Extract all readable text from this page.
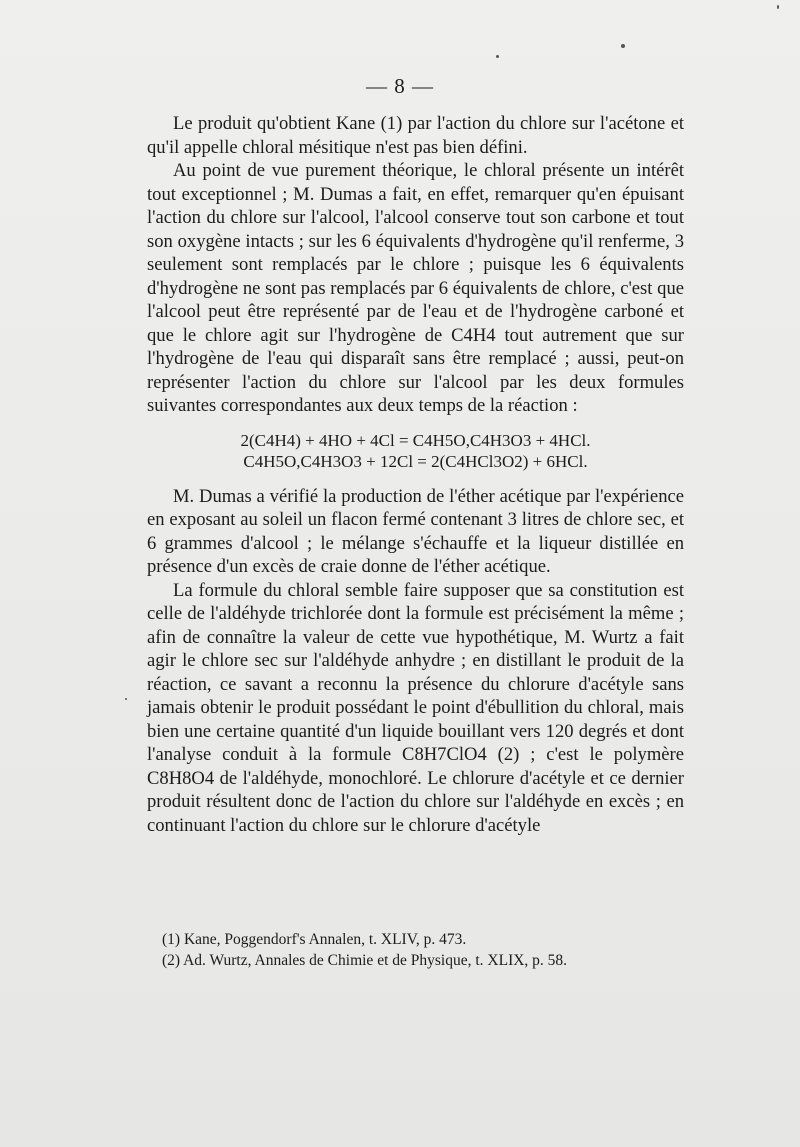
— 8 —

Le produit qu'obtient Kane (1) par l'action du chlore sur l'acétone et qu'il appelle chloral mésitique n'est pas bien défini.

Au point de vue purement théorique, le chloral présente un intérêt tout exceptionnel ; M. Dumas a fait, en effet, remarquer qu'en épuisant l'action du chlore sur l'alcool, l'alcool conserve tout son carbone et tout son oxygène intacts ; sur les 6 équivalents d'hydrogène qu'il renferme, 3 seulement sont remplacés par le chlore ; puisque les 6 équivalents d'hydrogène ne sont pas remplacés par 6 équivalents de chlore, c'est que l'alcool peut être représenté par de l'eau et de l'hydrogène carboné et que le chlore agit sur l'hydrogène de C4H4 tout autrement que sur l'hydrogène de l'eau qui disparaît sans être remplacé ; aussi, peut-on représenter l'action du chlore sur l'alcool par les deux formules suivantes correspondantes aux deux temps de la réaction :

2(C4H4) + 4HO + 4Cl = C4H5O,C4H3O3 + 4HCl.
C4H5O,C4H3O3 + 12Cl = 2(C4HCl3O2) + 6HCl.

M. Dumas a vérifié la production de l'éther acétique par l'expérience en exposant au soleil un flacon fermé contenant 3 litres de chlore sec, et 6 grammes d'alcool ; le mélange s'échauffe et la liqueur distillée en présence d'un excès de craie donne de l'éther acétique.

La formule du chloral semble faire supposer que sa constitution est celle de l'aldéhyde trichlorée dont la formule est précisément la même ; afin de connaître la valeur de cette vue hypothétique, M. Wurtz a fait agir le chlore sec sur l'aldéhyde anhydre ; en distillant le produit de la réaction, ce savant a reconnu la présence du chlorure d'acétyle sans jamais obtenir le produit possédant le point d'ébullition du chloral, mais bien une certaine quantité d'un liquide bouillant vers 120 degrés et dont l'analyse conduit à la formule C8H7ClO4 (2) ; c'est le polymère C8H8O4 de l'aldéhyde, monochloré. Le chlorure d'acétyle et ce dernier produit résultent donc de l'action du chlore sur l'aldéhyde en excès ; en continuant l'action du chlore sur le chlorure d'acétyle

(1) Kane, Poggendorf's Annalen, t. XLIV, p. 473.
(2) Ad. Wurtz, Annales de Chimie et de Physique, t. XLIX, p. 58.
